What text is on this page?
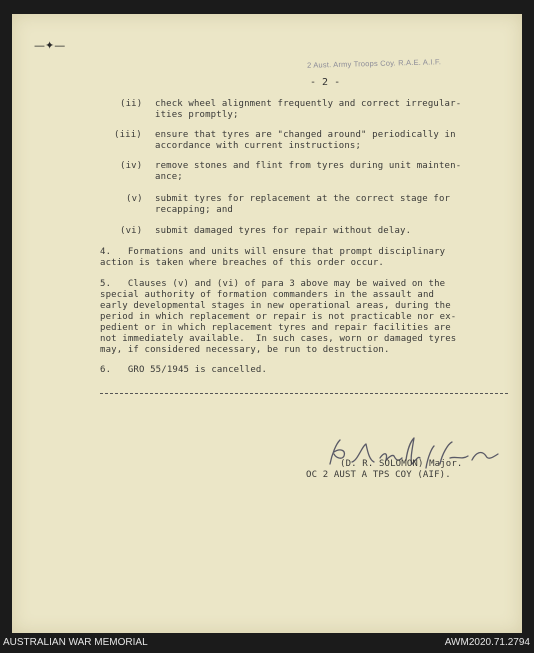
—✦—
2 Aust. Army Troops Coy. R.A.E. A.I.F.
- 2 -
(ii) check wheel alignment frequently and correct irregular-
ities promptly;
(iii) ensure that tyres are "changed around" periodically in
accordance with current instructions;
(iv) remove stones and flint from tyres during unit mainten-
ance;
(v) submit tyres for replacement at the correct stage for
recapping; and
(vi) submit damaged tyres for repair without delay.
4.   Formations and units will ensure that prompt disciplinary
action is taken where breaches of this order occur.
5.   Clauses (v) and (vi) of para 3 above may be waived on the
special authority of formation commanders in the assault and
early developmental stages in new operational areas, during the
period in which replacement or repair is not practicable nor ex-
pedient or in which replacement tyres and repair facilities are
not immediately available.  In such cases, worn or damaged tyres
may, if considered necessary, be run to destruction.
6.   GRO 55/1945 is cancelled.
(D. R. SOLOMON) Major.
OC 2 AUST A TPS COY (AIF).
AUSTRALIAN WAR MEMORIAL	AWM2020.71.2794
